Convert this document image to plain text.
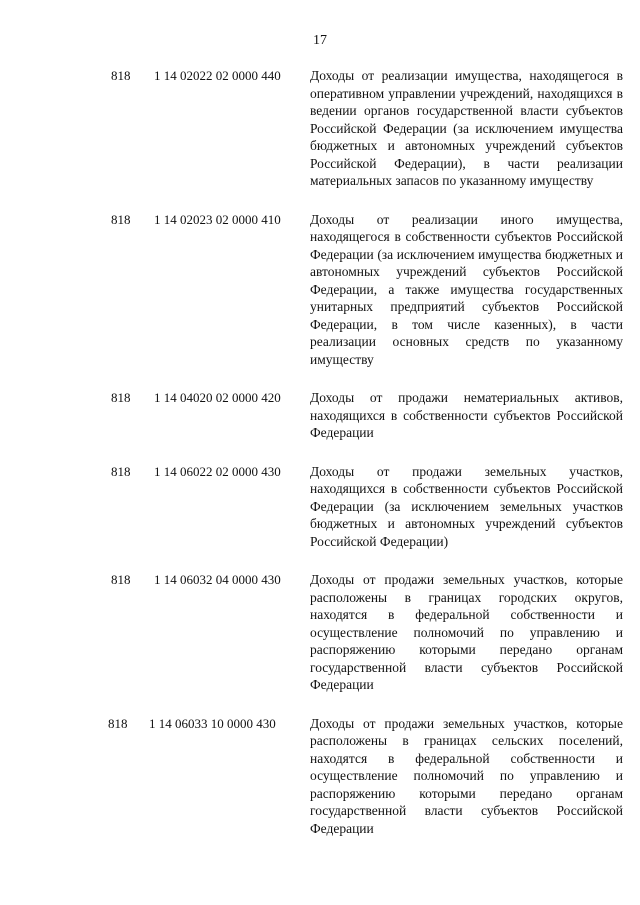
17
818 1 14 02022 02 0000 440 Доходы от реализации имущества, находящегося в оперативном управлении учреждений, находящихся в ведении органов государственной власти субъектов Российской Федерации (за исключением имущества бюджетных и автономных учреждений субъектов Российской Федерации), в части реализации материальных запасов по указанному имуществу
818 1 14 02023 02 0000 410 Доходы от реализации иного имущества, находящегося в собственности субъектов Российской Федерации (за исключением имущества бюджетных и автономных учреждений субъектов Российской Федерации, а также имущества государственных унитарных предприятий субъектов Российской Федерации, в том числе казенных), в части реализации основных средств по указанному имуществу
818 1 14 04020 02 0000 420 Доходы от продажи нематериальных активов, находящихся в собственности субъектов Российской Федерации
818 1 14 06022 02 0000 430 Доходы от продажи земельных участков, находящихся в собственности субъектов Российской Федерации (за исключением земельных участков бюджетных и автономных учреждений субъектов Российской Федерации)
818 1 14 06032 04 0000 430 Доходы от продажи земельных участков, которые расположены в границах городских округов, находятся в федеральной собственности и осуществление полномочий по управлению и распоряжению которыми передано органам государственной власти субъектов Российской Федерации
818 1 14 06033 10 0000 430	Доходы от продажи земельных участков, которые расположены в границах сельских поселений, находятся в федеральной собственности и осуществление полномочий по управлению и распоряжению которыми передано органам государственной власти субъектов Российской Федерации
